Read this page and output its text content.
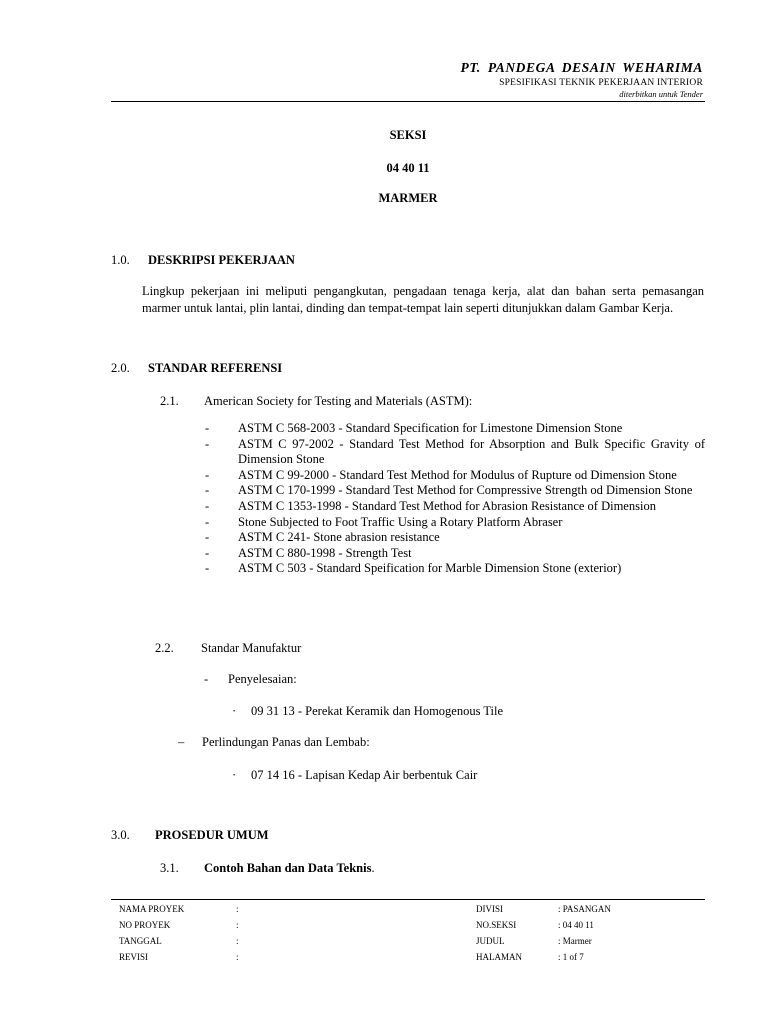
PT. PANDEGA DESAIN WEHARIMA
SPESIFIKASI TEKNIK PEKERJAAN INTERIOR
diterbitkan untuk Tender
SEKSI
04 40 11
MARMER
1.0. DESKRIPSI PEKERJAAN
Lingkup pekerjaan ini meliputi pengangkutan, pengadaan tenaga kerja, alat dan bahan serta pemasangan marmer untuk lantai, plin lantai, dinding dan tempat-tempat lain seperti ditunjukkan dalam Gambar Kerja.
2.0. STANDAR REFERENSI
2.1. American Society for Testing and Materials (ASTM):
- ASTM C 568-2003 - Standard Specification for Limestone Dimension Stone
- ASTM C 97-2002 - Standard Test Method for Absorption and Bulk Specific Gravity of Dimension Stone
- ASTM C 99-2000 - Standard Test Method for Modulus of Rupture od Dimension Stone
- ASTM C 170-1999 - Standard Test Method for Compressive Strength od Dimension Stone
- ASTM C 1353-1998 - Standard Test Method for Abrasion Resistance of Dimension
- Stone Subjected to Foot Traffic Using a Rotary Platform Abraser
- ASTM C 241- Stone abrasion resistance
- ASTM C 880-1998 - Strength Test
- ASTM C 503 - Standard Speification for Marble Dimension Stone (exterior)
2.2. Standar Manufaktur
- Penyelesaian:
· 09 31 13 - Perekat Keramik dan Homogenous Tile
– Perlindungan Panas dan Lembab:
· 07 14 16 - Lapisan Kedap Air berbentuk Cair
3.0. PROSEDUR UMUM
3.1. Contoh Bahan dan Data Teknis.
NAMA PROYEK	:	DIVISI	: PASANGAN
NO PROYEK	:	NO.SEKSI	: 04 40 11
TANGGAL	:	JUDUL	: Marmer
REVISI	:	HALAMAN	: 1 of 7
